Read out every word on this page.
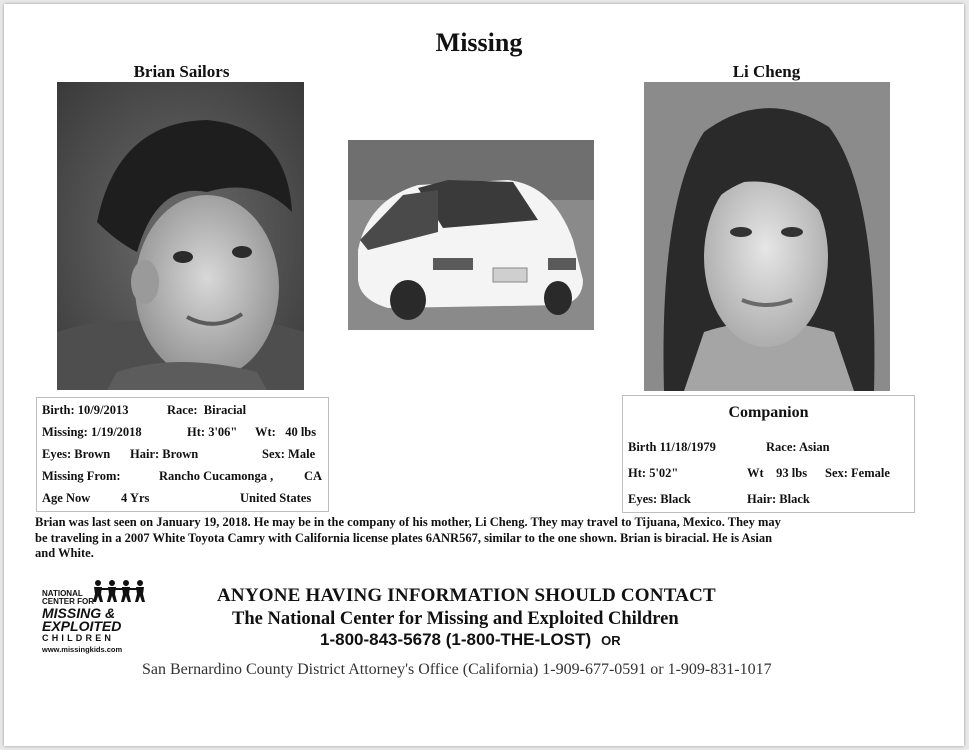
Missing
Brian Sailors	Li Cheng
Birth: 10/9/2013	Race: Biracial
Missing: 1/19/2018	Ht: 3'06" Wt: 40 lbs
Eyes: Brown Hair: Brown	Sex: Male
Missing From:	Rancho Cucamonga , CA
Age Now 4 Yrs	United States
Companion
Birth 11/18/1979	Race: Asian
Ht: 5'02"	Wt 93 lbs Sex: Female
Eyes: Black	Hair: Black
Brian was last seen on January 19, 2018. He may be in the company of his mother, Li Cheng. They may travel to Tijuana, Mexico. They may
be traveling in a 2007 White Toyota Camry with California license plates 6ANR567, similar to the one shown. Brian is biracial. He is Asian
and White.
NATIONAL
CENTER FOR
MISSING &
EXPLOITED
CHILDREN
www.missingkids.com
ANYONE HAVING INFORMATION SHOULD CONTACT
The National Center for Missing and Exploited Children
1-800-843-5678 (1-800-THE-LOST) OR
San Bernardino County District Attorney's Office (California) 1-909-677-0591 or 1-909-831-1017
